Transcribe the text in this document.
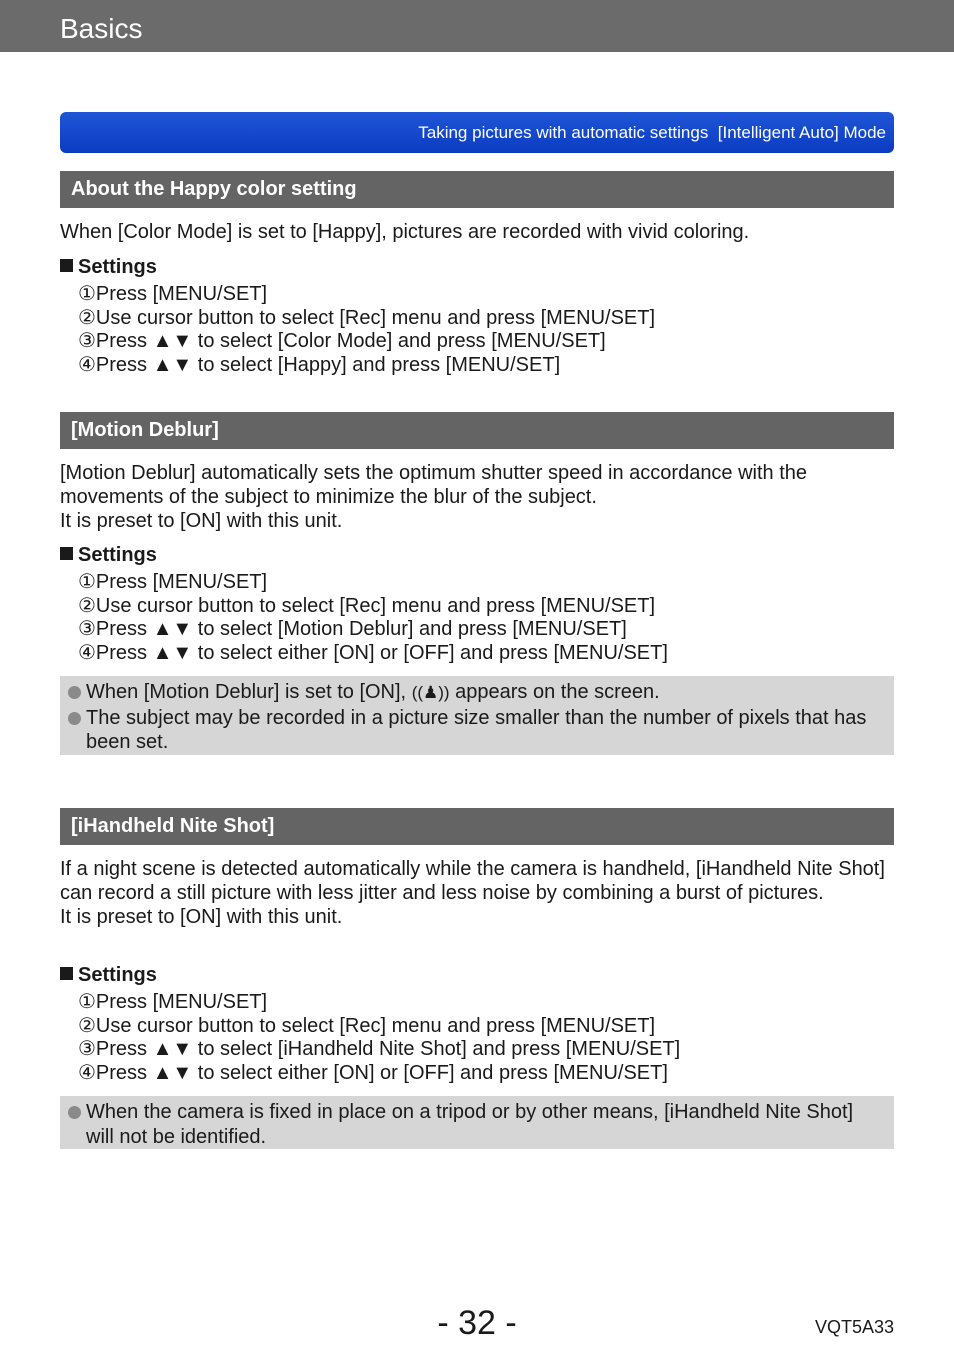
Basics
Taking pictures with automatic settings  [Intelligent Auto] Mode
About the Happy color setting

When [Color Mode] is set to [Happy], pictures are recorded with vivid coloring.

Settings
①Press [MENU/SET]
②Use cursor button to select [Rec] menu and press [MENU/SET]
③Press ▲▼ to select [Color Mode] and press [MENU/SET]
④Press ▲▼ to select [Happy] and press [MENU/SET]
[Motion Deblur]

[Motion Deblur] automatically sets the optimum shutter speed in accordance with the movements of the subject to minimize the blur of the subject.
It is preset to [ON] with this unit.

Settings
①Press [MENU/SET]
②Use cursor button to select [Rec] menu and press [MENU/SET]
③Press ▲▼ to select [Motion Deblur] and press [MENU/SET]
④Press ▲▼ to select either [ON] or [OFF] and press [MENU/SET]
When [Motion Deblur] is set to [ON], ((♟)) appears on the screen.
The subject may be recorded in a picture size smaller than the number of pixels that has been set.
[iHandheld Nite Shot]

If a night scene is detected automatically while the camera is handheld, [iHandheld Nite Shot] can record a still picture with less jitter and less noise by combining a burst of pictures.
It is preset to [ON] with this unit.

Settings
①Press [MENU/SET]
②Use cursor button to select [Rec] menu and press [MENU/SET]
③Press ▲▼ to select [iHandheld Nite Shot] and press [MENU/SET]
④Press ▲▼ to select either [ON] or [OFF] and press [MENU/SET]
When the camera is fixed in place on a tripod or by other means, [iHandheld Nite Shot] will not be identified.
- 32 -	VQT5A33
